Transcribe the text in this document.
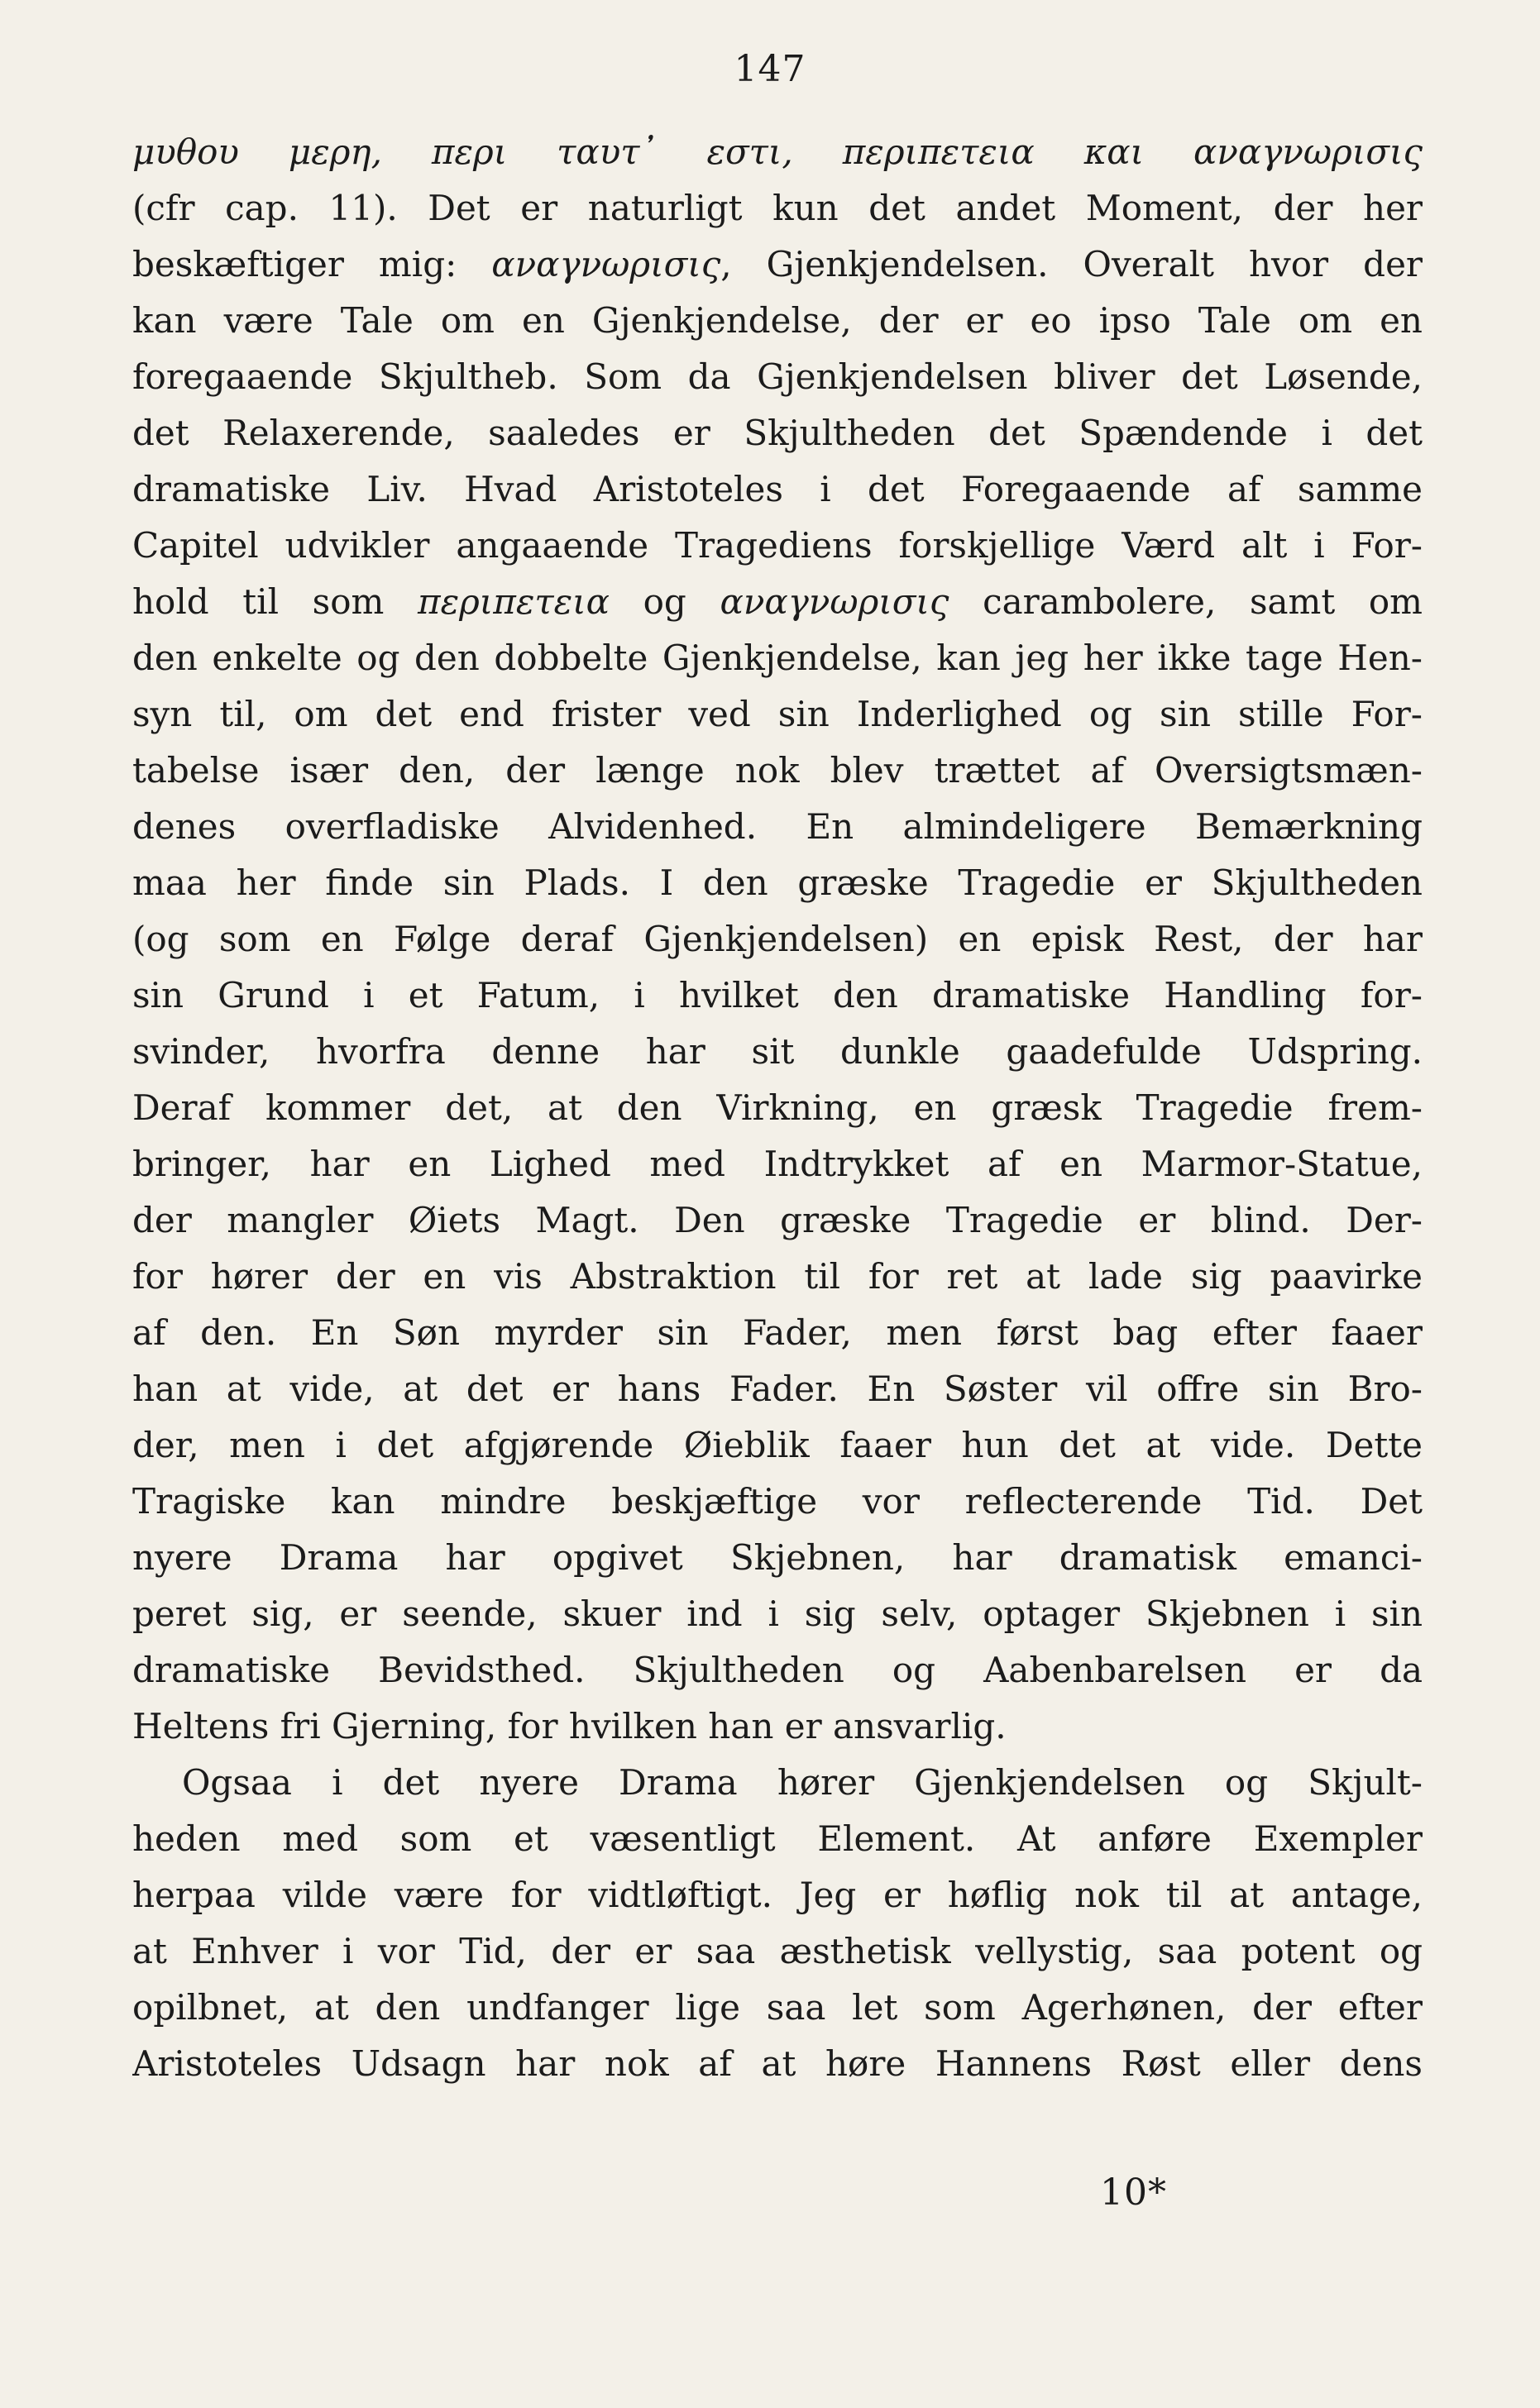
147
μυθου μερη, περι ταυτ᾽ εστι, περιπετεια και αναγνωρισις
(cfr cap. 11). Det er naturligt kun det andet Moment, der her
beskæftiger mig: αναγνωρισις, Gjenkjendelsen. Overalt hvor der
kan være Tale om en Gjenkjendelse, der er eo ipso Tale om en
foregaaende Skjultheb. Som da Gjenkjendelsen bliver det Løsende,
det Relaxerende, saaledes er Skjultheden det Spændende i det
dramatiske Liv. Hvad Aristoteles i det Foregaaende af samme
Capitel udvikler angaaende Tragediens forskjellige Værd alt i For-
hold til som περιπετεια og αναγνωρισις carambolere, samt om
den enkelte og den dobbelte Gjenkjendelse, kan jeg her ikke tage Hen-
syn til, om det end frister ved sin Inderlighed og sin stille For-
tabelse især den, der længe nok blev trættet af Oversigtsmæn-
denes overfladiske Alvidenhed. En almindeligere Bemærkning
maa her finde sin Plads. I den græske Tragedie er Skjultheden
(og som en Følge deraf Gjenkjendelsen) en episk Rest, der har
sin Grund i et Fatum, i hvilket den dramatiske Handling for-
svinder, hvorfra denne har sit dunkle gaadefulde Udspring.
Deraf kommer det, at den Virkning, en græsk Tragedie frem-
bringer, har en Lighed med Indtrykket af en Marmor-Statue,
der mangler Øiets Magt. Den græske Tragedie er blind. Der-
for hører der en vis Abstraktion til for ret at lade sig paavirke
af den. En Søn myrder sin Fader, men først bag efter faaer
han at vide, at det er hans Fader. En Søster vil offre sin Bro-
der, men i det afgjørende Øieblik faaer hun det at vide. Dette
Tragiske kan mindre beskjæftige vor reflecterende Tid. Det
nyere Drama har opgivet Skjebnen, har dramatisk emanci-
peret sig, er seende, skuer ind i sig selv, optager Skjebnen i sin
dramatiske Bevidsthed. Skjultheden og Aabenbarelsen er da
Heltens fri Gjerning, for hvilken han er ansvarlig.
Ogsaa i det nyere Drama hører Gjenkjendelsen og Skjult-
heden med som et væsentligt Element. At anføre Exempler
herpaa vilde være for vidtløftigt. Jeg er høflig nok til at antage,
at Enhver i vor Tid, der er saa æsthetisk vellystig, saa potent og
opilbnet, at den undfanger lige saa let som Agerhønen, der efter
Aristoteles Udsagn har nok af at høre Hannens Røst eller dens
10*
